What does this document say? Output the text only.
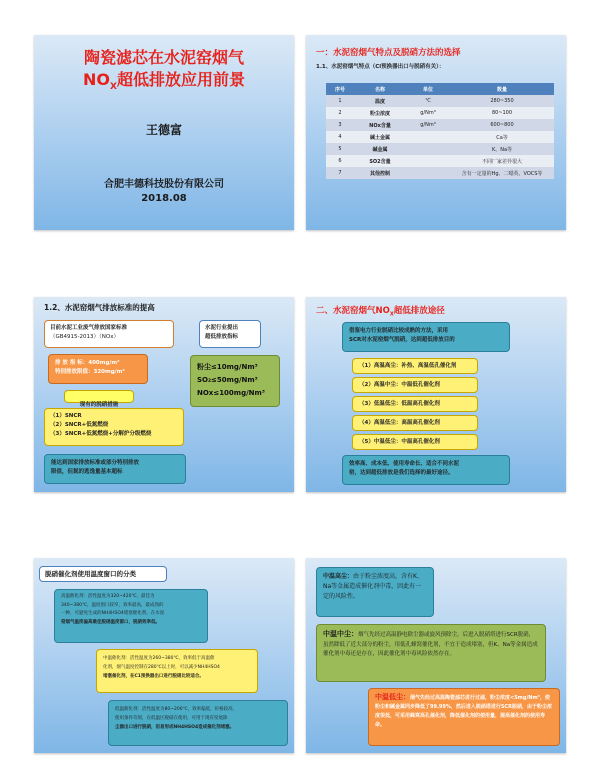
陶瓷滤芯在水泥窑烟气
$NO_X$超低排放应用前景
王德富
合肥丰德科技股份有限公司
2018.08
一：水泥窑烟气特点及脱硝方法的选择
1.1、水泥窑烟气特点（Cl预换器出口与脱硝有关）：
序号	名称	单位	数量
1	温度	℃	280~350
2	粉尘浓度	g/Nm³	80~100
3	NOx含量	g/Nm³	600~800
4	碱土金属		Ca等
5	碱金属		K、Na等
6	SO2含量		不同厂家差异很大
7	其他控制		含有一定量的Hg、二噁英、VOCS等
1.2、水泥窑烟气排放标准的提高
目前水泥工业废气排放国家标准
（GB4915-2013）（NOx）
排 放 指 标：400mg/m³
特别排放限值：320mg/m³
现有的脱硝措施
（1）SNCR
（2）SNCR+低氮燃烧
（3）SNCR+低氮燃烧+分解炉分级燃烧
能达到国家排放标准或部分特别排放
限值，但氮的逃逸量基本超标
水泥行业提出
超低排放指标
粉尘≤10mg/Nm³
SO₂≤50mg/Nm³
NOx≤100mg/Nm³
二、水泥窑烟气$NO_X$超低排放途径
借鉴电力行业脱硝比较成熟的方法，采用
SCR对水泥窑烟气脱硝，达到超低排放目的
（1）高温高尘：补热、高温低孔催化剂
（2）高温中尘：中温低孔催化剂
（3）低温低尘：低温高孔催化剂
（4）高温低尘：高温高孔催化剂
（5）中温低尘：中温高孔催化剂
效率高、成本低、使用寿命长、适合不同水泥
窑，达到超低排放是我们选择的最好途径。
脱硝催化剂使用温度窗口的分类
高温催化剂：活性温度为320~420℃，最佳为
340~380℃，温度窗口较窄，效率最高，最成熟的
一种，可避免生成的NH4HSO4堵塞催化剂，在水泥
窑烟气温度偏高最佳脱硝温度窗口，脱硝效率低。
中温催化剂：活性温度为260~380℃，效率低于高温催
化剂，烟气温度控制在280℃以上时，可以减少NH4HSO4
堵塞催化剂，在C1预换器出口进行脱硝比较适合。
低温催化剂：活性温度为80~200℃，效率偏低，价格较高，
使用条件苛刻，在低温区脱硝在使用，可用于现有窑尾除
尘器出口进行脱硝，但易形成NH4HSO4造成催化剂堵塞。
中温高尘：由于粉尘浓度高，含有K、Na等金属造成催化剂中毒，因此有一定的风险性。
中温中尘：烟气先经过高温静电除尘器或旋风预除尘，后进入脱硝塔进行SCR脱硝，虽然降低了近大部分的粉尘，用低孔蜂窝催化剂，不宜于造成堵塞，但K、Na等金属造成催化剂中毒还是存在，因此催化剂中毒风险依然存在。
中温低尘：烟气先经过高温陶瓷滤芯进行过滤，粉尘浓度<5mg/Nm³，使粉尘和碱金属同步降低了99.99%，然后进入脱硝塔进行SCR脱硝，由于粉尘浓度很低，可采用蜂窝高孔催化剂，降低催化剂的使用量，提高催化剂的使用寿命。
